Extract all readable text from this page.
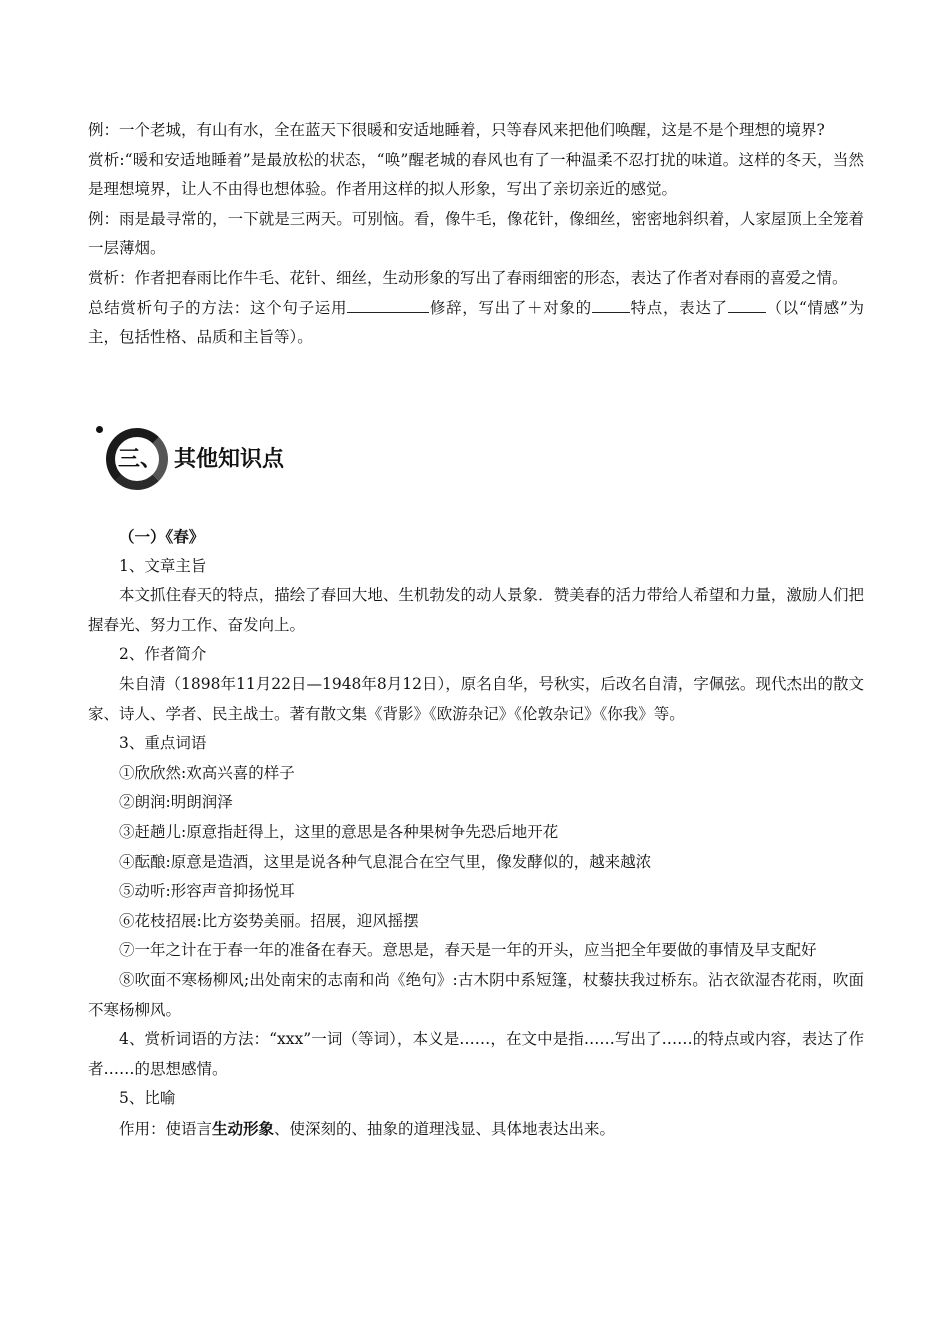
例：一个老城，有山有水，全在蓝天下很暖和安适地睡着，只等春风来把他们唤醒，这是不是个理想的境界?

赏析:“暖和安适地睡着”是最放松的状态，“唤”醒老城的春风也有了一种温柔不忍打扰的味道。这样的冬天，当然是理想境界，让人不由得也想体验。作者用这样的拟人形象，写出了亲切亲近的感觉。

例：雨是最寻常的，一下就是三两天。可别恼。看，像牛毛，像花针，像细丝，密密地斜织着，人家屋顶上全笼着一层薄烟。

赏析：作者把春雨比作牛毛、花针、细丝，生动形象的写出了春雨细密的形态，表达了作者对春雨的喜爱之情。

总结赏析句子的方法：这个句子运用	修辞，写出了＋对象的 特点，表达了 （以“情感”为主，包括性格、品质和主旨等）。

三、 其他知识点

（一）《春》

1、文章主旨

本文抓住春天的特点，描绘了春回大地、生机勃发的动人景象．赞美春的活力带给人希望和力量，激励人们把握春光、努力工作、奋发向上。

2、作者简介

朱自清（1898年11月22日—1948年8月12日），原名自华，号秋实，后改名自清，字佩弦。现代杰出的散文家、诗人、学者、民主战士。著有散文集《背影》《欧游杂记》《伦敦杂记》《你我》等。

3、重点词语

①欣欣然:欢高兴喜的样子

②朗润:明朗润泽

③赶趟儿:原意指赶得上，这里的意思是各种果树争先恐后地开花

④酝酿:原意是造酒，这里是说各种气息混合在空气里，像发酵似的，越来越浓

⑤动听:形容声音抑扬悦耳

⑥花枝招展:比方姿势美丽。招展，迎风摇摆

⑦一年之计在于春一年的准备在春天。意思是，春天是一年的开头，应当把全年要做的事情及早支配好

⑧吹面不寒杨柳风;出处南宋的志南和尚《绝句》:古木阴中系短篷，杖藜扶我过桥东。沾衣欲湿杏花雨，吹面不寒杨柳风。

4、赏析词语的方法：“xxx”一词（等词），本义是……，在文中是指……写出了……的特点或内容，表达了作者……的思想感情。

5、比喻

作用：使语言生动形象、使深刻的、抽象的道理浅显、具体地表达出来。
